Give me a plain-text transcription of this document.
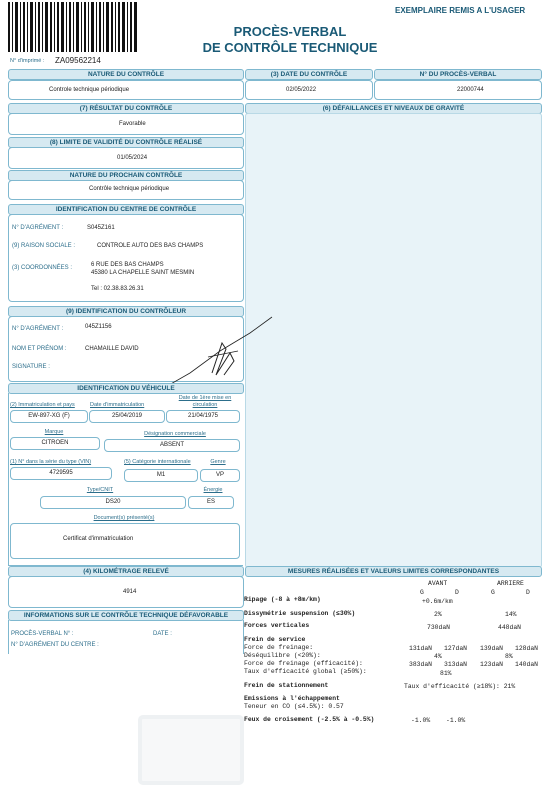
EXEMPLAIRE REMIS A L'USAGER
PROCÈS-VERBAL
DE CONTRÔLE TECHNIQUE
N° d'imprimé : ZA09562214
NATURE DU CONTRÔLE
Controle technique périodique
(3) DATE DU CONTRÔLE
02/05/2022
N° DU PROCÈS-VERBAL
22000744
(7) RÉSULTAT DU CONTRÔLE
Favorable
(6) DÉFAILLANCES ET NIVEAUX DE GRAVITÉ
(8) LIMITE DE VALIDITÉ DU CONTRÔLE RÉALISÉ
01/05/2024
NATURE DU PROCHAIN CONTRÔLE
Contrôle technique périodique
IDENTIFICATION DU CENTRE DE CONTRÔLE
N° D'AGRÉMENT :	S045Z161
(9) RAISON SOCIALE :	CONTROLE AUTO DES BAS CHAMPS
(3) COORDONNÉES :	6 RUE DES BAS CHAMPS
45380 LA CHAPELLE SAINT MESMIN
Tel : 02.38.83.26.31
(9) IDENTIFICATION DU CONTRÔLEUR
N° D'AGRÉMENT :	045Z1156
NOM ET PRÉNOM :	CHAMAILLE DAVID
SIGNATURE :
IDENTIFICATION DU VÉHICULE
(2) Immatriculation et pays	Date d'immatriculation
Date de 1ère mise en circulation
EW-897-XG (F)	25/04/2019	21/04/1975
Marque	Désignation commerciale
CITROEN	ABSENT
(1) N° dans la série du type (VIN)	(5) Catégorie internationale	Genre
4729595	M1	VP
Type/CNIT	Énergie
DS20	ES
Document(s) présenté(s)
Certificat d'immatriculation
(4) KILOMÉTRAGE RELEVÉ
4914
INFORMATIONS SUR LE CONTRÔLE TECHNIQUE DÉFAVORABLE
PROCÈS-VERBAL N° :	DATE :
N° D'AGRÉMENT DU CENTRE :
MESURES RÉALISÉES ET VALEURS LIMITES CORRESPONDANTES
AVANT	ARRIERE
G	D	G	D
Ripage (-8 à +8m/km)	+0.6m/km
Dissymétrie suspension (≤30%)	2%	14%
Forces verticales	730daN	448daN
Frein de service
Force de freinage:	131daN 127daN 139daN 128daN
Déséquilibre (<20%):	4%	8%
Force de freinage (efficacité):	383daN 313daN 123daN 140daN
Taux d'efficacité global (≥50%):	81%
Frein de stationnement	Taux d'efficacité (≥18%): 21%
Emissions à l'échappement
Teneur en CO (≤4.5%): 0.57
Feux de croisement (-2.5% à -0.5%)	-1.0% -1.0%
